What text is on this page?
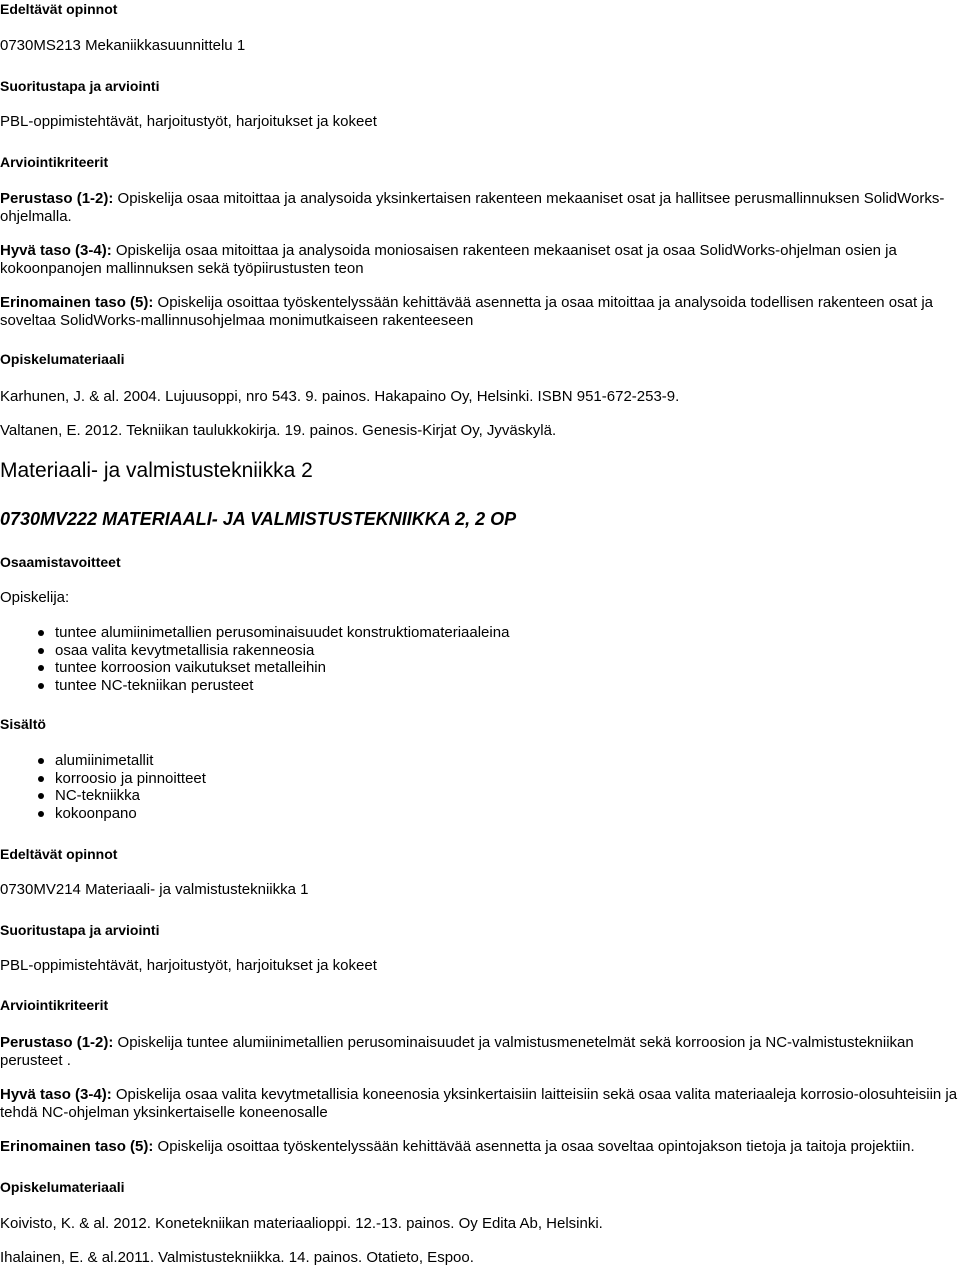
Edeltävät opinnot
0730MS213 Mekaniikkasuunnittelu 1
Suoritustapa ja arviointi
PBL-oppimistehtävät, harjoitustyöt, harjoitukset ja kokeet
Arviointikriteerit
Perustaso (1-2): Opiskelija osaa mitoittaa ja analysoida yksinkertaisen rakenteen mekaaniset osat ja hallitsee perusmallinnuksen SolidWorks-ohjelmalla.
Hyvä taso (3-4): Opiskelija osaa mitoittaa ja analysoida moniosaisen rakenteen mekaaniset osat ja osaa SolidWorks-ohjelman osien ja kokoonpanojen mallinnuksen sekä työpiirustusten teon
Erinomainen taso (5): Opiskelija osoittaa työskentelyssään kehittävää asennetta ja osaa mitoittaa ja analysoida todellisen rakenteen osat ja soveltaa SolidWorks-mallinnusohjelmaa monimutkaiseen rakenteeseen
Opiskelumateriaali
Karhunen, J. & al. 2004. Lujuusoppi, nro 543. 9. painos. Hakapaino Oy, Helsinki. ISBN 951-672-253-9.
Valtanen, E. 2012. Tekniikan taulukkokirja. 19. painos. Genesis-Kirjat Oy, Jyväskylä.
Materiaali- ja valmistustekniikka 2
0730MV222 MATERIAALI- JA VALMISTUSTEKNIIKKA 2, 2 OP
Osaamistavoitteet
Opiskelija:
tuntee alumiinimetallien perusominaisuudet konstruktiomateriaaleina
osaa valita kevytmetallisia rakenneosia
tuntee korroosion vaikutukset metalleihin
tuntee NC-tekniikan perusteet
Sisältö
alumiinimetallit
korroosio ja pinnoitteet
NC-tekniikka
kokoonpano
Edeltävät opinnot
0730MV214 Materiaali- ja valmistustekniikka 1
Suoritustapa ja arviointi
PBL-oppimistehtävät, harjoitustyöt, harjoitukset ja kokeet
Arviointikriteerit
Perustaso (1-2): Opiskelija tuntee alumiinimetallien perusominaisuudet ja valmistusmenetelmät sekä korroosion ja NC-valmistustekniikan perusteet .
Hyvä taso (3-4): Opiskelija osaa valita kevytmetallisia koneenosia yksinkertaisiin laitteisiin sekä osaa valita materiaaleja korrosio-olosuhteisiin ja tehdä NC-ohjelman yksinkertaiselle koneenosalle
Erinomainen taso (5): Opiskelija osoittaa työskentelyssään kehittävää asennetta ja osaa soveltaa opintojakson tietoja ja taitoja projektiin.
Opiskelumateriaali
Koivisto, K. & al. 2012. Konetekniikan materiaalioppi. 12.-13. painos. Oy Edita Ab, Helsinki.
Ihalainen, E. & al.2011. Valmistustekniikka. 14. painos. Otatieto, Espoo.
